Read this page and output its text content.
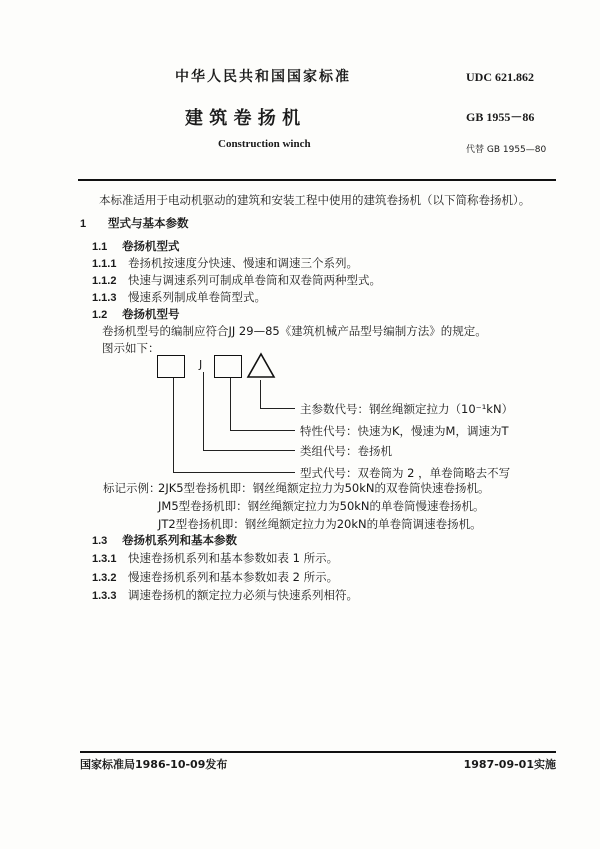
中华人民共和国国家标准
建 筑 卷 扬 机
Construction winch
UDC 621.862
GB 1955－86
代替 GB 1955—80
本标准适用于电动机驱动的建筑和安装工程中使用的建筑卷扬机（以下简称卷扬机）。
1 型式与基本参数
1.1 卷扬机型式
1.1.1 卷扬机按速度分快速、慢速和调速三个系列。
1.1.2 快速与调速系列可制成单卷筒和双卷筒两种型式。
1.1.3 慢速系列制成单卷筒型式。
1.2 卷扬机型号
卷扬机型号的编制应符合JJ 29—85《建筑机械产品型号编制方法》的规定。
图示如下：
J
主参数代号：钢丝绳额定拉力（10⁻¹kN）
特性代号：快速为K，慢速为M，调速为T
类组代号：卷扬机
型式代号：双卷筒为 2 ，单卷筒略去不写
标记示例：
2JK5型卷扬机即：钢丝绳额定拉力为50kN的双卷筒快速卷扬机。
JM5型卷扬机即：钢丝绳额定拉力为50kN的单卷筒慢速卷扬机。
JT2型卷扬机即：钢丝绳额定拉力为20kN的单卷筒调速卷扬机。
1.3 卷扬机系列和基本参数
1.3.1 快速卷扬机系列和基本参数如表 1 所示。
1.3.2 慢速卷扬机系列和基本参数如表 2 所示。
1.3.3 调速卷扬机的额定拉力必须与快速系列相符。
国家标准局1986-10-09发布	1987-09-01实施
